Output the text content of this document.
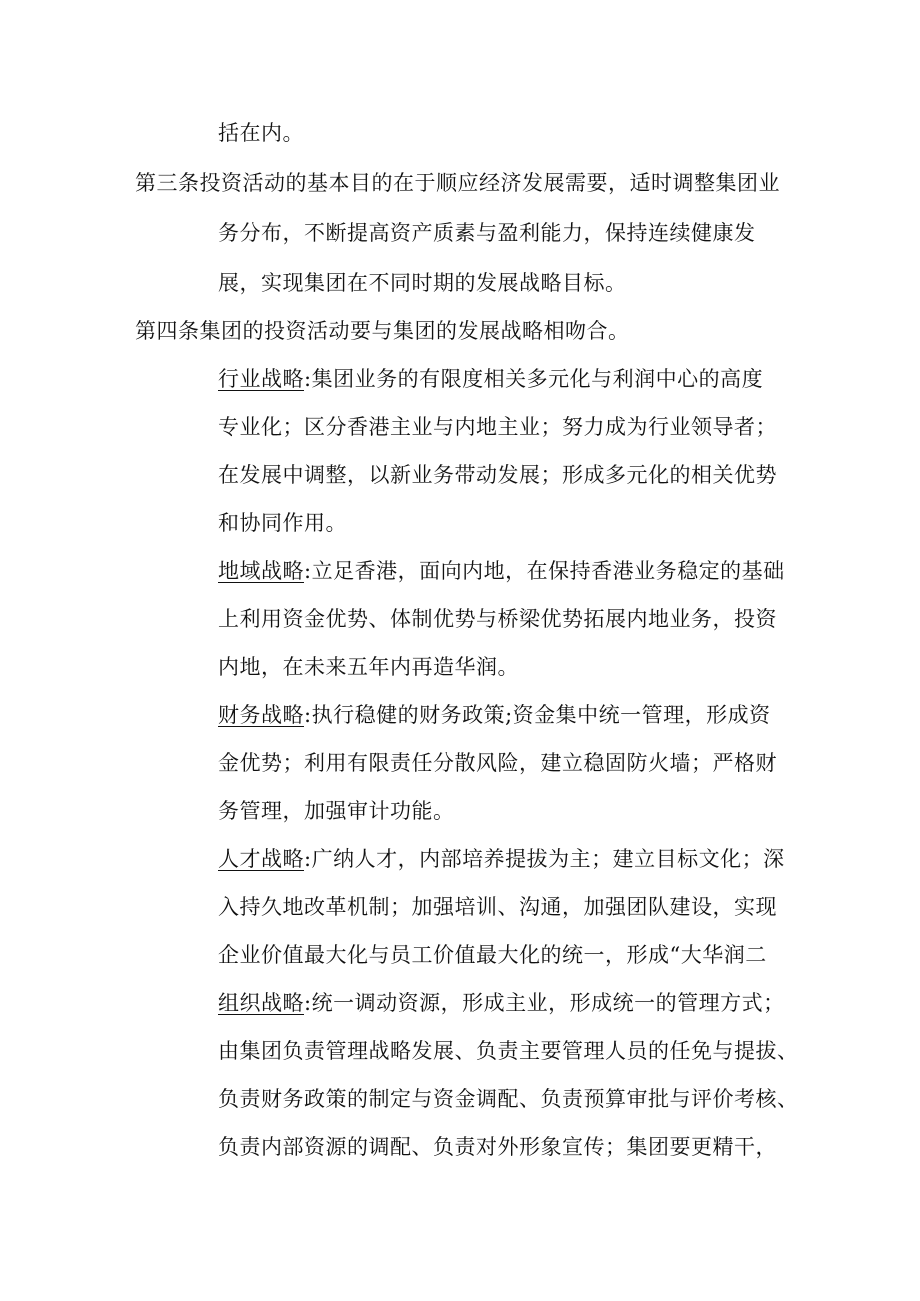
括在内。
第三条投资活动的基本目的在于顺应经济发展需要，适时调整集团业
务分布，不断提高资产质素与盈利能力，保持连续健康发
展，实现集团在不同时期的发展战略目标。
第四条集团的投资活动要与集团的发展战略相吻合。
行业战略:集团业务的有限度相关多元化与利润中心的高度
专业化；区分香港主业与内地主业；努力成为行业领导者；
在发展中调整，以新业务带动发展；形成多元化的相关优势
和协同作用。
地域战略:立足香港，面向内地，在保持香港业务稳定的基础
上利用资金优势、体制优势与桥梁优势拓展内地业务，投资
内地，在未来五年内再造华润。
财务战略:执行稳健的财务政策;资金集中统一管理，形成资
金优势；利用有限责任分散风险，建立稳固防火墙；严格财
务管理，加强审计功能。
人才战略:广纳人才，内部培养提拔为主；建立目标文化；深
入持久地改革机制；加强培训、沟通，加强团队建设，实现
企业价值最大化与员工价值最大化的统一，形成“大华润二
组织战略:统一调动资源，形成主业，形成统一的管理方式；
由集团负责管理战略发展、负责主要管理人员的任免与提拔、
负责财务政策的制定与资金调配、负责预算审批与评价考核、
负责内部资源的调配、负责对外形象宣传；集团要更精干，
